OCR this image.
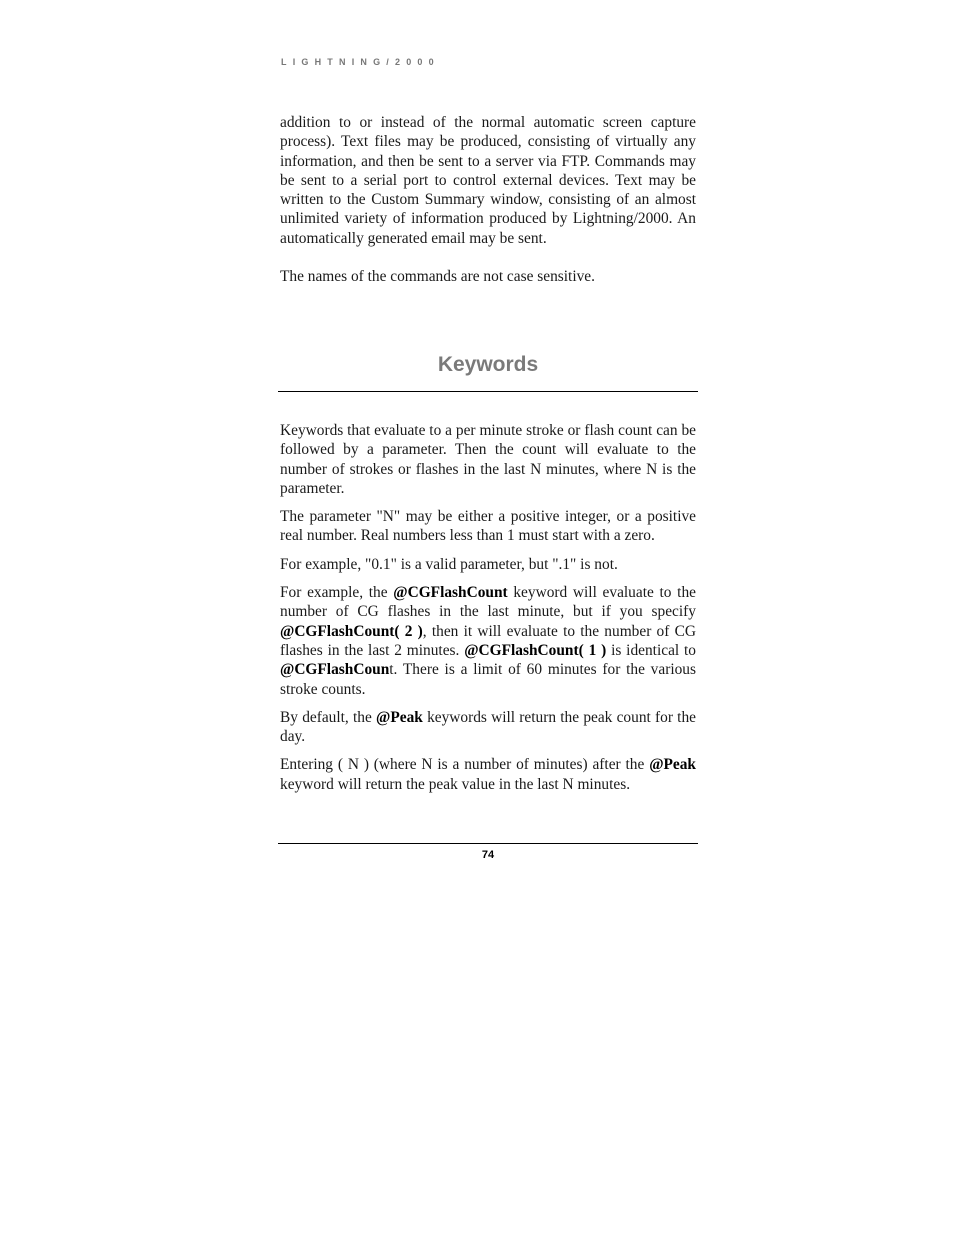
LIGHTNING/2000

addition to or instead of the normal automatic screen capture process). Text files may be produced, consisting of virtually any information, and then be sent to a server via FTP. Commands may be sent to a serial port to control external devices. Text may be written to the Custom Summary window, consisting of an almost unlimited variety of information produced by Lightning/2000. An automatically generated email may be sent.

The names of the commands are not case sensitive.

Keywords

Keywords that evaluate to a per minute stroke or flash count can be followed by a parameter. Then the count will evaluate to the number of strokes or flashes in the last N minutes, where N is the parameter.

The parameter "N" may be either a positive integer, or a positive real number. Real numbers less than 1 must start with a zero.

For example, "0.1" is a valid parameter, but ".1" is not.

For example, the @CGFlashCount keyword will evaluate to the number of CG flashes in the last minute, but if you specify @CGFlashCount( 2 ), then it will evaluate to the number of CG flashes in the last 2 minutes. @CGFlashCount( 1 ) is identical to @CGFlashCount. There is a limit of 60 minutes for the various stroke counts.

By default, the @Peak keywords will return the peak count for the day.

Entering ( N ) (where N is a number of minutes) after the @Peak keyword will return the peak value in the last N minutes.

74
